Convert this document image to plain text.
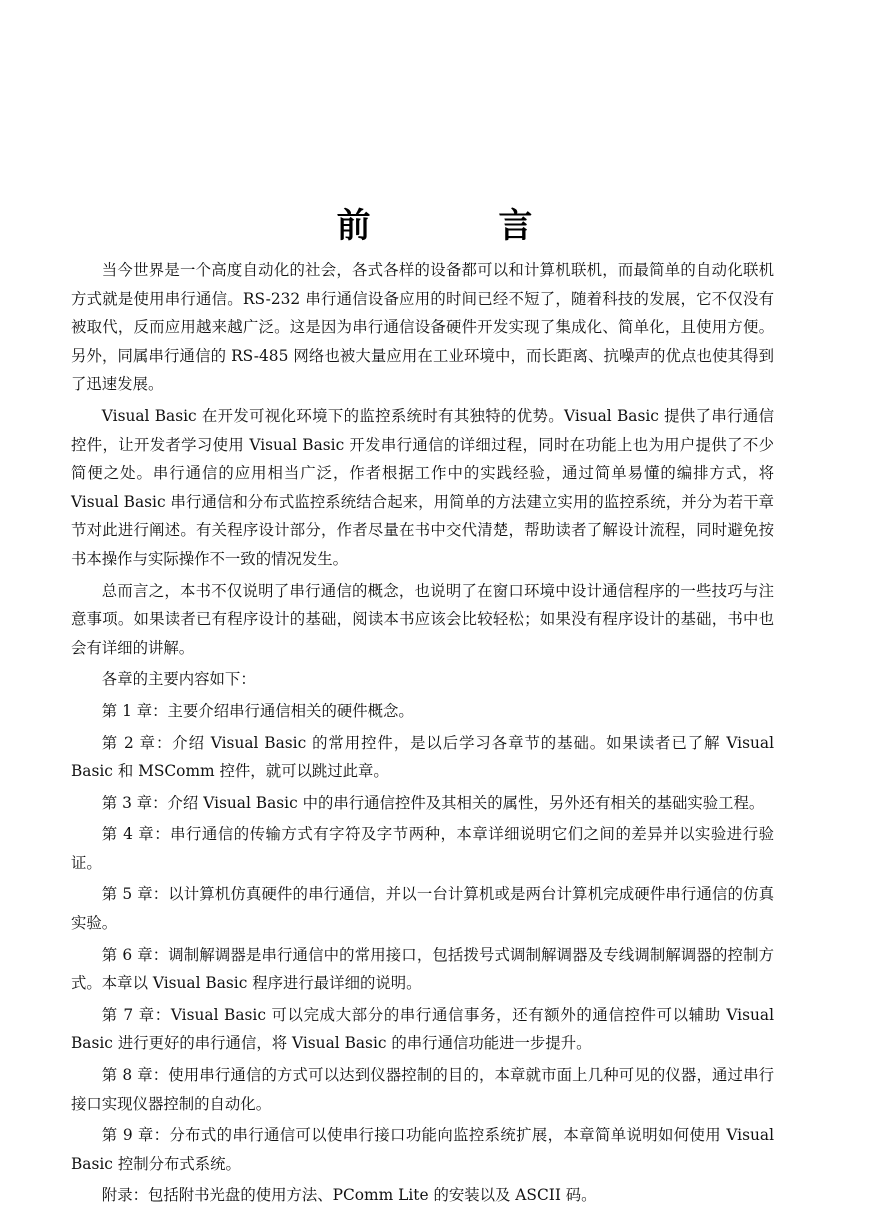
前 言

当今世界是一个高度自动化的社会，各式各样的设备都可以和计算机联机，而最简单的自动化联机方式就是使用串行通信。RS-232 串行通信设备应用的时间已经不短了，随着科技的发展，它不仅没有被取代，反而应用越来越广泛。这是因为串行通信设备硬件开发实现了集成化、简单化，且使用方便。另外，同属串行通信的 RS-485 网络也被大量应用在工业环境中，而长距离、抗噪声的优点也使其得到了迅速发展。

Visual Basic 在开发可视化环境下的监控系统时有其独特的优势。Visual Basic 提供了串行通信控件，让开发者学习使用 Visual Basic 开发串行通信的详细过程，同时在功能上也为用户提供了不少简便之处。串行通信的应用相当广泛，作者根据工作中的实践经验，通过简单易懂的编排方式，将 Visual Basic 串行通信和分布式监控系统结合起来，用简单的方法建立实用的监控系统，并分为若干章节对此进行阐述。有关程序设计部分，作者尽量在书中交代清楚，帮助读者了解设计流程，同时避免按书本操作与实际操作不一致的情况发生。

总而言之，本书不仅说明了串行通信的概念，也说明了在窗口环境中设计通信程序的一些技巧与注意事项。如果读者已有程序设计的基础，阅读本书应该会比较轻松；如果没有程序设计的基础，书中也会有详细的讲解。

各章的主要内容如下：

第 1 章：主要介绍串行通信相关的硬件概念。

第 2 章：介绍 Visual Basic 的常用控件，是以后学习各章节的基础。如果读者已了解 Visual Basic 和 MSComm 控件，就可以跳过此章。

第 3 章：介绍 Visual Basic 中的串行通信控件及其相关的属性，另外还有相关的基础实验工程。

第 4 章：串行通信的传输方式有字符及字节两种，本章详细说明它们之间的差异并以实验进行验证。

第 5 章：以计算机仿真硬件的串行通信，并以一台计算机或是两台计算机完成硬件串行通信的仿真实验。

第 6 章：调制解调器是串行通信中的常用接口，包括拨号式调制解调器及专线调制解调器的控制方式。本章以 Visual Basic 程序进行最详细的说明。

第 7 章：Visual Basic 可以完成大部分的串行通信事务，还有额外的通信控件可以辅助 Visual Basic 进行更好的串行通信，将 Visual Basic 的串行通信功能进一步提升。

第 8 章：使用串行通信的方式可以达到仪器控制的目的，本章就市面上几种可见的仪器，通过串行接口实现仪器控制的自动化。

第 9 章：分布式的串行通信可以使串行接口功能向监控系统扩展，本章简单说明如何使用 Visual Basic 控制分布式系统。

附录：包括附书光盘的使用方法、PComm Lite 的安装以及 ASCII 码。
